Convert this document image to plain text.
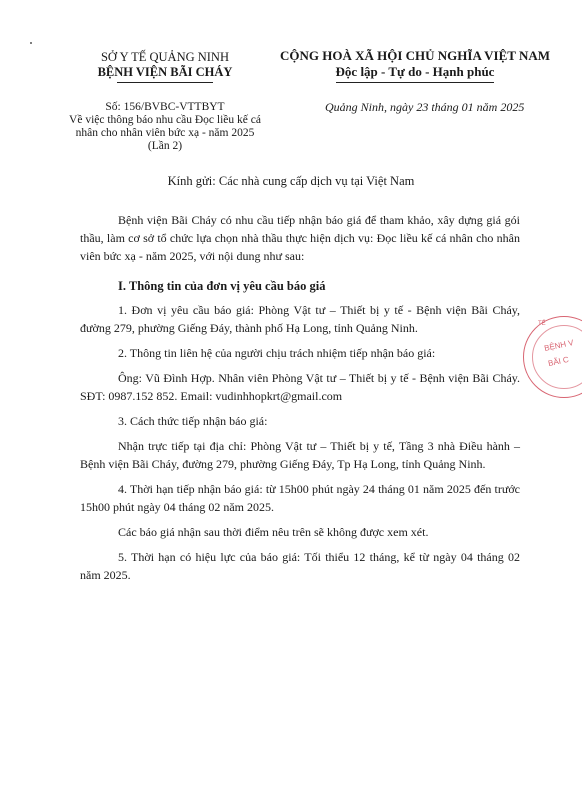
SỞ Y TẾ QUẢNG NINH
BỆNH VIỆN BÃI CHÁY
Số: 156/BVBC-VTTBYT
Về việc thông báo nhu cầu Đọc liều kế cá
nhân cho nhân viên bức xạ - năm 2025
(Lần 2)
CỘNG HOÀ XÃ HỘI CHỦ NGHĨA VIỆT NAM
Độc lập - Tự do - Hạnh phúc
Quảng Ninh, ngày 23 tháng 01 năm 2025
Kính gửi: Các nhà cung cấp dịch vụ tại Việt Nam

Bệnh viện Bãi Cháy có nhu cầu tiếp nhận báo giá để tham khảo, xây dựng giá gói thầu, làm cơ sở tổ chức lựa chọn nhà thầu thực hiện dịch vụ: Đọc liều kế cá nhân cho nhân viên bức xạ - năm 2025, với nội dung như sau:

I. Thông tin của đơn vị yêu cầu báo giá

1. Đơn vị yêu cầu báo giá: Phòng Vật tư – Thiết bị y tế - Bệnh viện Bãi Cháy, đường 279, phường Giếng Đáy, thành phố Hạ Long, tỉnh Quảng Ninh.

2. Thông tin liên hệ của người chịu trách nhiệm tiếp nhận báo giá:

Ông: Vũ Đình Hợp. Nhân viên Phòng Vật tư – Thiết bị y tế - Bệnh viện Bãi Cháy. SĐT: 0987.152 852. Email: vudinhhopkrt@gmail.com

3. Cách thức tiếp nhận báo giá:

Nhận trực tiếp tại địa chỉ: Phòng Vật tư – Thiết bị y tế, Tầng 3 nhà Điều hành – Bệnh viện Bãi Cháy, đường 279, phường Giếng Đáy, Tp Hạ Long, tỉnh Quảng Ninh.

4. Thời hạn tiếp nhận báo giá: từ 15h00 phút ngày 24 tháng 01 năm 2025 đến trước 15h00 phút ngày 04 tháng 02 năm 2025.

Các báo giá nhận sau thời điểm nêu trên sẽ không được xem xét.

5. Thời hạn có hiệu lực của báo giá: Tối thiểu 12 tháng, kể từ ngày 04 tháng 02 năm 2025.

TẾ
BỆNH V
BÃI C
